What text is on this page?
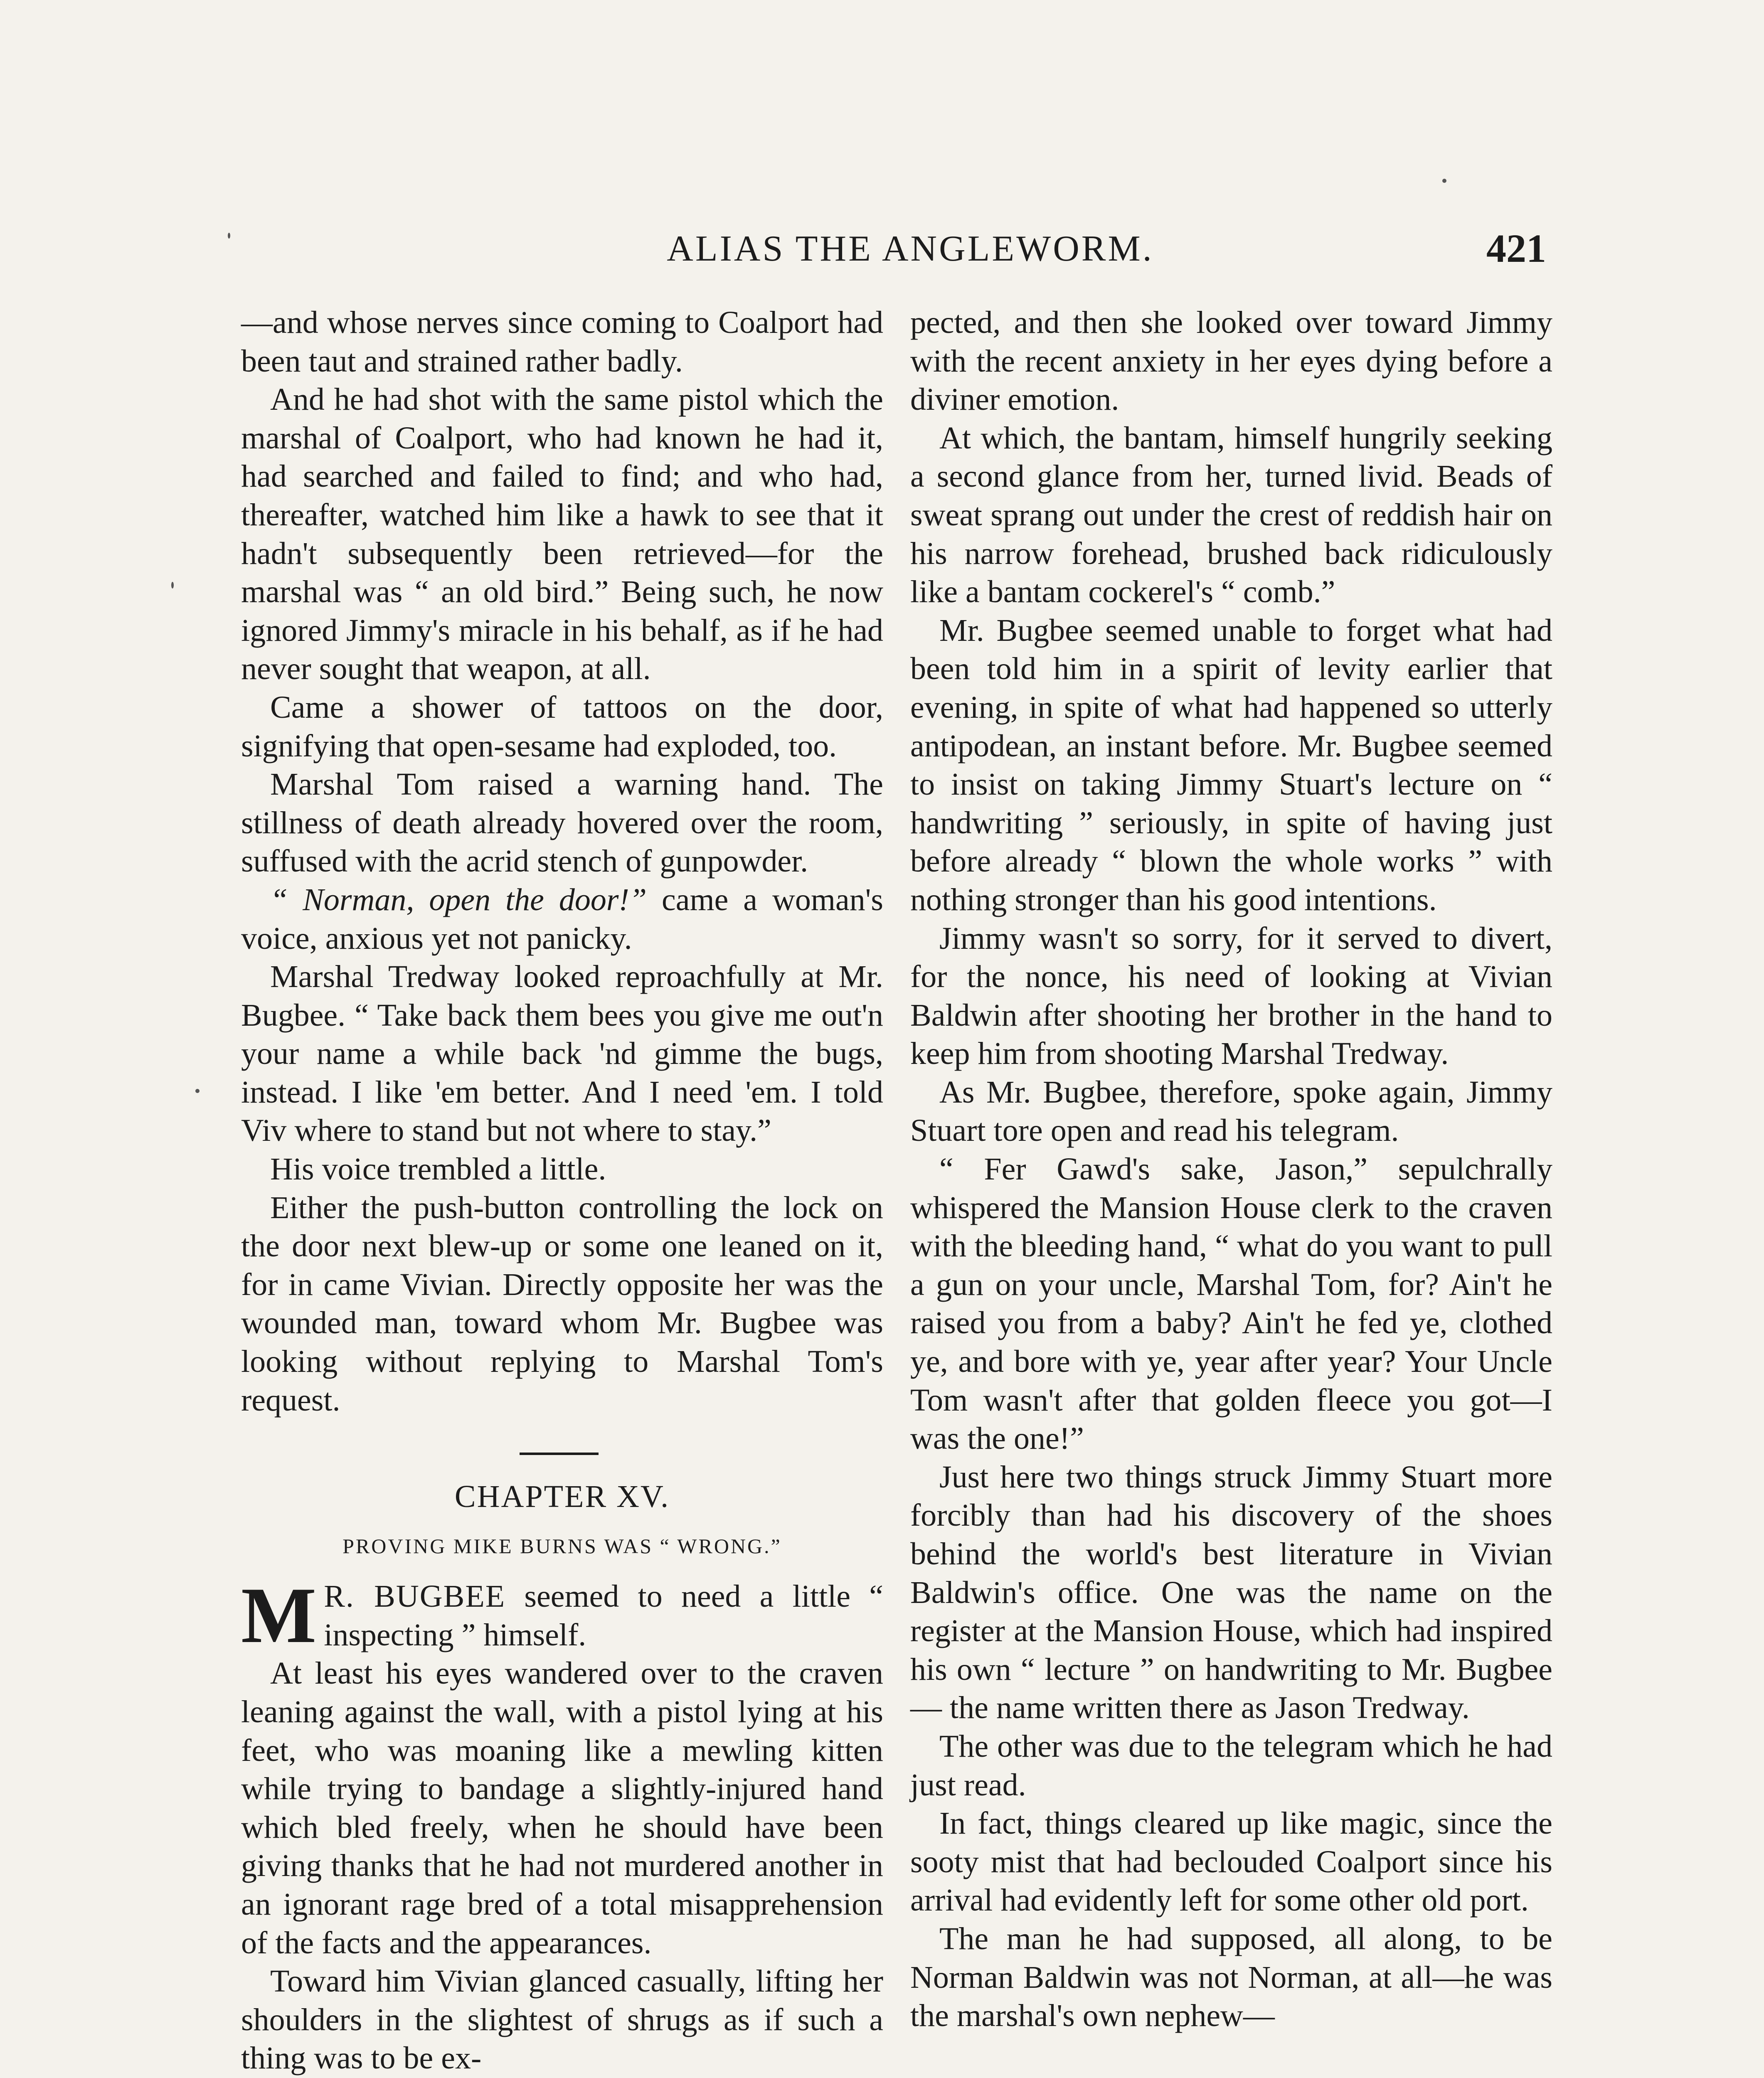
ALIAS THE ANGLEWORM.	421

—and whose nerves since coming to Coalport had been taut and strained rather badly.

And he had shot with the same pistol which the marshal of Coalport, who had known he had it, had searched and failed to find; and who had, thereafter, watched him like a hawk to see that it hadn't subsequently been retrieved—for the marshal was “ an old bird.” Being such, he now ignored Jimmy's miracle in his behalf, as if he had never sought that weapon, at all.

Came a shower of tattoos on the door, signifying that open-sesame had exploded, too.

Marshal Tom raised a warning hand. The stillness of death already hovered over the room, suffused with the acrid stench of gunpowder.

“ Norman, open the door!” came a woman's voice, anxious yet not panicky.

Marshal Tredway looked reproachfully at Mr. Bugbee. “ Take back them bees you give me out'n your name a while back 'nd gimme the bugs, instead. I like 'em better. And I need 'em. I told Viv where to stand but not where to stay.”

His voice trembled a little.

Either the push-button controlling the lock on the door next blew-up or some one leaned on it, for in came Vivian. Directly opposite her was the wounded man, toward whom Mr. Bugbee was looking without replying to Marshal Tom's request.

CHAPTER XV.
PROVING MIKE BURNS WAS “ WRONG.”

M R. BUGBEE seemed to need a little “ inspecting ” himself.

At least his eyes wandered over to the craven leaning against the wall, with a pistol lying at his feet, who was moaning like a mewling kitten while trying to bandage a slightly-injured hand which bled freely, when he should have been giving thanks that he had not murdered another in an ignorant rage bred of a total misapprehension of the facts and the appearances.

Toward him Vivian glanced casually, lifting her shoulders in the slightest of shrugs as if such a thing was to be ex-

pected, and then she looked over toward Jimmy with the recent anxiety in her eyes dying before a diviner emotion.

At which, the bantam, himself hungrily seeking a second glance from her, turned livid. Beads of sweat sprang out under the crest of reddish hair on his narrow forehead, brushed back ridiculously like a bantam cockerel's “ comb.”

Mr. Bugbee seemed unable to forget what had been told him in a spirit of levity earlier that evening, in spite of what had happened so utterly antipodean, an instant before. Mr. Bugbee seemed to insist on taking Jimmy Stuart's lecture on “ handwriting ” seriously, in spite of having just before already “ blown the whole works ” with nothing stronger than his good intentions.

Jimmy wasn't so sorry, for it served to divert, for the nonce, his need of looking at Vivian Baldwin after shooting her brother in the hand to keep him from shooting Marshal Tredway.

As Mr. Bugbee, therefore, spoke again, Jimmy Stuart tore open and read his telegram.

“ Fer Gawd's sake, Jason,” sepulchrally whispered the Mansion House clerk to the craven with the bleeding hand, “ what do you want to pull a gun on your uncle, Marshal Tom, for? Ain't he raised you from a baby? Ain't he fed ye, clothed ye, and bore with ye, year after year? Your Uncle Tom wasn't after that golden fleece you got—I was the one!”

Just here two things struck Jimmy Stuart more forcibly than had his discovery of the shoes behind the world's best literature in Vivian Baldwin's office. One was the name on the register at the Mansion House, which had inspired his own “ lecture ” on handwriting to Mr. Bugbee — the name written there as Jason Tredway.

The other was due to the telegram which he had just read.

In fact, things cleared up like magic, since the sooty mist that had beclouded Coalport since his arrival had evidently left for some other old port.

The man he had supposed, all along, to be Norman Baldwin was not Norman, at all—he was the marshal's own nephew—
